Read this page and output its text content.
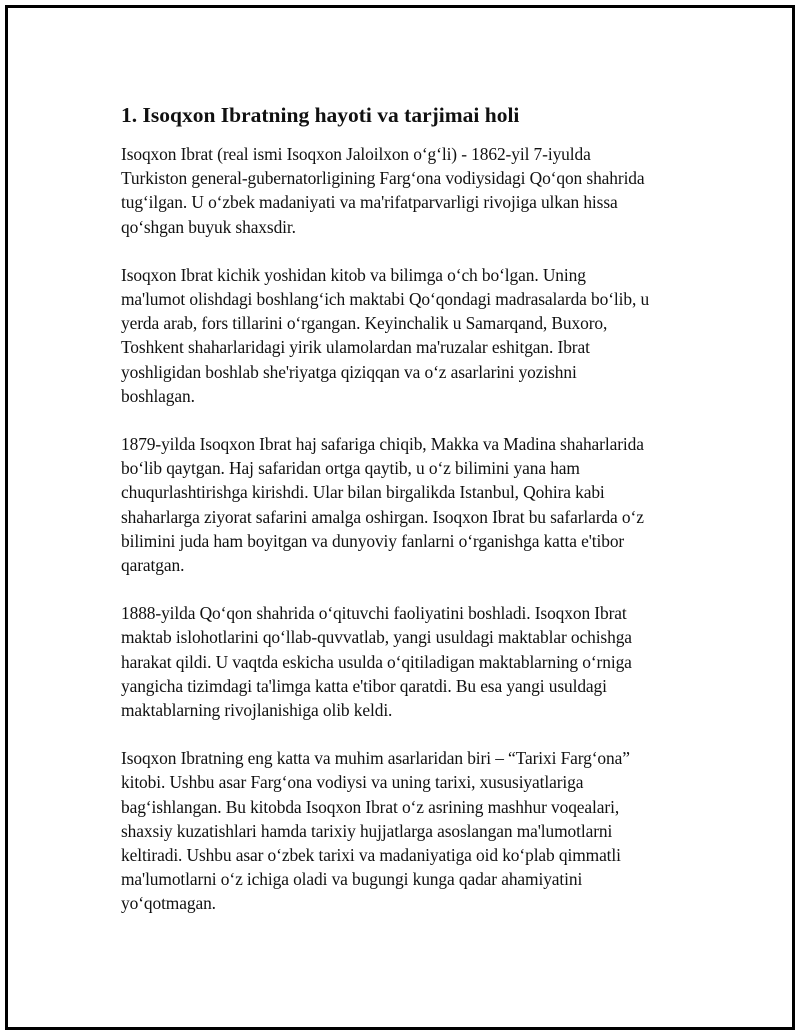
1. Isoqxon Ibratning hayoti va tarjimai holi

Isoqxon Ibrat (real ismi Isoqxon Jaloilxon oʻgʻli) - 1862-yil 7-iyulda
Turkiston general-gubernatorligining Fargʻona vodiysidagi Qoʻqon shahrida
tugʻilgan. U oʻzbek madaniyati va ma'rifatparvarligi rivojiga ulkan hissa
qoʻshgan buyuk shaxsdir.

Isoqxon Ibrat kichik yoshidan kitob va bilimga oʻch boʻlgan. Uning
ma'lumot olishdagi boshlangʻich maktabi Qoʻqondagi madrasalarda boʻlib, u
yerda arab, fors tillarini oʻrgangan. Keyinchalik u Samarqand, Buxoro,
Toshkent shaharlaridagi yirik ulamolardan ma'ruzalar eshitgan. Ibrat
yoshligidan boshlab she'riyatga qiziqqan va oʻz asarlarini yozishni
boshlagan.

1879-yilda Isoqxon Ibrat haj safariga chiqib, Makka va Madina shaharlarida
boʻlib qaytgan. Haj safaridan ortga qaytib, u oʻz bilimini yana ham
chuqurlashtirishga kirishdi. Ular bilan birgalikda Istanbul, Qohira kabi
shaharlarga ziyorat safarini amalga oshirgan. Isoqxon Ibrat bu safarlarda oʻz
bilimini juda ham boyitgan va dunyoviy fanlarni oʻrganishga katta e'tibor
qaratgan.

1888-yilda Qoʻqon shahrida oʻqituvchi faoliyatini boshladi. Isoqxon Ibrat
maktab islohotlarini qoʻllab-quvvatlab, yangi usuldagi maktablar ochishga
harakat qildi. U vaqtda eskicha usulda oʻqitiladigan maktablarning oʻrniga
yangicha tizimdagi ta'limga katta e'tibor qaratdi. Bu esa yangi usuldagi
maktablarning rivojlanishiga olib keldi.

Isoqxon Ibratning eng katta va muhim asarlaridan biri – “Tarixi Fargʻona”
kitobi. Ushbu asar Fargʻona vodiysi va uning tarixi, xususiyatlariga
bagʻishlangan. Bu kitobda Isoqxon Ibrat oʻz asrining mashhur voqealari,
shaxsiy kuzatishlari hamda tarixiy hujjatlarga asoslangan ma'lumotlarni
keltiradi. Ushbu asar oʻzbek tarixi va madaniyatiga oid koʻplab qimmatli
ma'lumotlarni oʻz ichiga oladi va bugungi kunga qadar ahamiyatini
yoʻqotmagan.
